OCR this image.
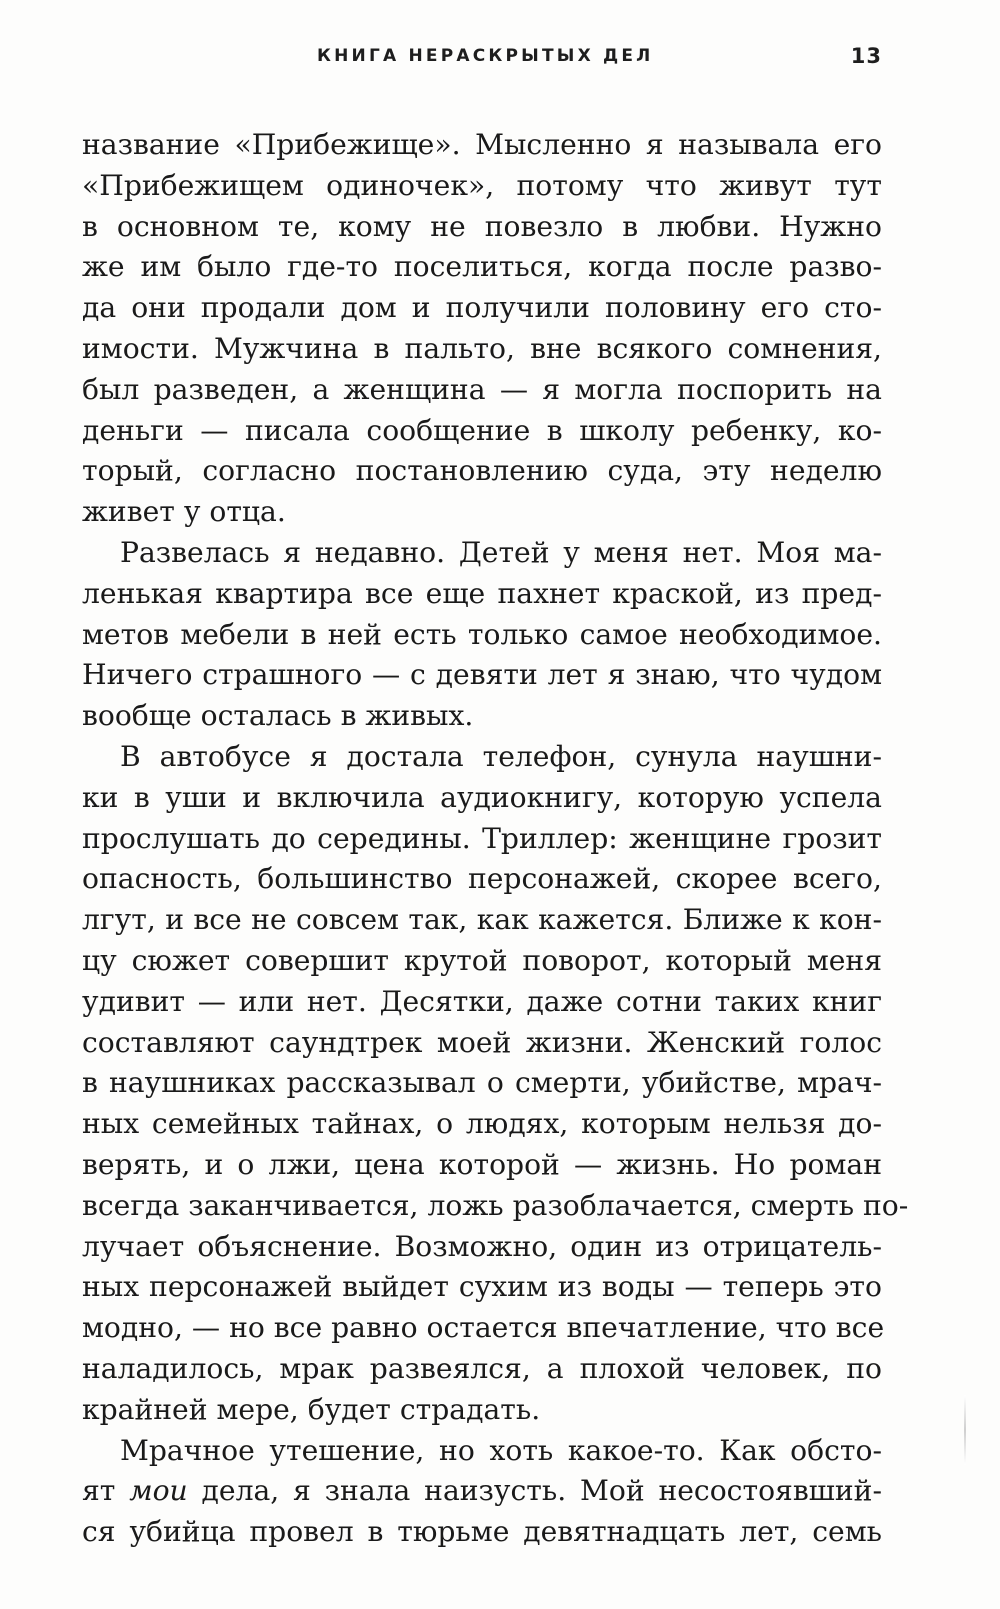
КНИГА НЕРАСКРЫТЫХ ДЕЛ	13
название «Прибежище». Мысленно я называла его
«Прибежищем одиночек», потому что живут тут
в основном те, кому не повезло в любви. Нужно
же им было где-то поселиться, когда после разво-
да они продали дом и получили половину его сто-
имости. Мужчина в пальто, вне всякого сомнения,
был разведен, а женщина — я могла поспорить на
деньги — писала сообщение в школу ребенку, ко-
торый, согласно постановлению суда, эту неделю
живет у отца.
Развелась я недавно. Детей у меня нет. Моя ма-
ленькая квартира все еще пахнет краской, из пред-
метов мебели в ней есть только самое необходимое.
Ничего страшного — с девяти лет я знаю, что чудом
вообще осталась в живых.
В автобусе я достала телефон, сунула наушни-
ки в уши и включила аудиокнигу, которую успела
прослушать до середины. Триллер: женщине грозит
опасность, большинство персонажей, скорее всего,
лгут, и все не совсем так, как кажется. Ближе к кон-
цу сюжет совершит крутой поворот, который меня
удивит — или нет. Десятки, даже сотни таких книг
составляют саундтрек моей жизни. Женский голос
в наушниках рассказывал о смерти, убийстве, мрач-
ных семейных тайнах, о людях, которым нельзя до-
верять, и о лжи, цена которой — жизнь. Но роман
всегда заканчивается, ложь разоблачается, смерть по-
лучает объяснение. Возможно, один из отрицатель-
ных персонажей выйдет сухим из воды — теперь это
модно, — но все равно остается впечатление, что все
наладилось, мрак развеялся, а плохой человек, по
крайней мере, будет страдать.
Мрачное утешение, но хоть какое-то. Как обсто-
ят мои дела, я знала наизусть. Мой несостоявший-
ся убийца провел в тюрьме девятнадцать лет, семь
